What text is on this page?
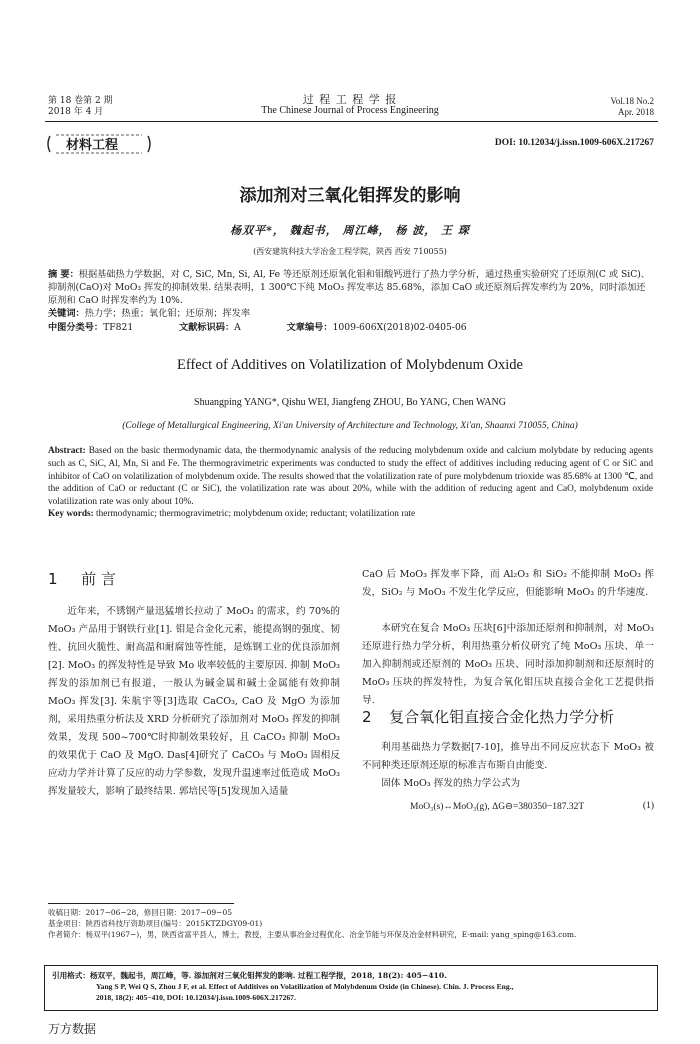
第 18 卷第 2 期
2018 年 4 月
过 程 工 程 学 报
The Chinese Journal of Process Engineering
Vol.18 No.2
Apr. 2018
材料工程	DOI: 10.12034/j.issn.1009-606X.217267
添加剂对三氧化钼挥发的影响
杨双平*， 魏起书， 周江峰， 杨 波， 王 琛
(西安建筑科技大学冶金工程学院，陕西 西安 710055)
摘 要：根据基础热力学数据，对 C, SiC, Mn, Si, Al, Fe 等还原剂还原氧化钼和钼酸钙进行了热力学分析，通过热重实验研究了还原剂(C 或 SiC)、抑制剂(CaO)对 MoO₃ 挥发的抑制效果. 结果表明，1 300℃下纯 MoO₃ 挥发率达 85.68%，添加 CaO 或还原剂后挥发率约为 20%，同时添加还原剂和 CaO 时挥发率约为 10%.
关键词：热力学；热重；氧化钼；还原剂；挥发率
中图分类号：TF821	文献标识码：A	文章编号：1009-606X(2018)02-0405-06
Effect of Additives on Volatilization of Molybdenum Oxide
Shuangping YANG*, Qishu WEI, Jiangfeng ZHOU, Bo YANG, Chen WANG
(College of Metallurgical Engineering, Xi'an University of Architecture and Technology, Xi'an, Shaanxi 710055, China)
Abstract: Based on the basic thermodynamic data, the thermodynamic analysis of the reducing molybdenum oxide and calcium molybdate by reducing agents such as C, SiC, Al, Mn, Si and Fe. The thermogravimetric experiments was conducted to study the effect of additives including reducing agent of C or SiC and inhibitor of CaO on volatilization of molybdenum oxide. The results showed that the volatilization rate of pure molybdenum trioxide was 85.68% at 1300 ℃, and the addition of CaO or reductant (C or SiC), the volatilization rate was about 20%, while with the addition of reducing agent and CaO, molybdenum oxide volatilization rate was only about 10%.
Key words: thermodynamic; thermogravimetric; molybdenum oxide; reductant; volatilization rate
1 前 言
近年来，不锈钢产量迅猛增长拉动了 MoO₃ 的需求，约 70%的 MoO₃ 产品用于钢铁行业[1]. 钼是合金化元素，能提高钢的强度、韧性、抗回火脆性、耐高温和耐腐蚀等性能，是炼钢工业的优良添加剂[2]. MoO₃ 的挥发特性是导致 Mo 收率较低的主要原因. 抑制 MoO₃ 挥发的添加剂已有报道，一般认为碱金属和碱土金属能有效抑制 MoO₃ 挥发[3]. 朱航宇等[3]选取 CaCO₃, CaO 及 MgO 为添加剂，采用热重分析法及 XRD 分析研究了添加剂对 MoO₃ 挥发的抑制效果，发现 500~700℃时抑制效果较好，且 CaCO₃ 抑制 MoO₃ 的效果优于 CaO 及 MgO. Das[4]研究了 CaCO₃ 与 MoO₃ 固相反应动力学并计算了反应的动力学参数，发现升温速率过低造成 MoO₃ 挥发量较大，影响了最终结果. 郭培民等[5]发现加入适量
CaO 后 MoO₃ 挥发率下降，而 Al₂O₃ 和 SiO₂ 不能抑制 MoO₃ 挥发，SiO₂ 与 MoO₃ 不发生化学反应，但能影响 MoO₃ 的升华速度.
本研究在复合 MoO₃ 压块[6]中添加还原剂和抑制剂，对 MoO₃ 还原进行热力学分析，利用热重分析仪研究了纯 MoO₃ 压块、单一加入抑制剂或还原剂的 MoO₃ 压块、同时添加抑制剂和还原剂时的 MoO₃ 压块的挥发特性，为复合氧化钼压块直接合金化工艺提供指导.
2 复合氧化钼直接合金化热力学分析
利用基础热力学数据[7-10]，推导出不同反应状态下 MoO₃ 被不同种类还原剂还原的标准吉布斯自由能变.
固体 MoO₃ 挥发的热力学公式为
MoO₃(s)↔MoO₃(g), ΔG⊖=380350−187.32T	(1)
收稿日期：2017−06−28，修回日期：2017−09−05
基金项目：陕西省科技厅资助项目(编号：2015KTZDGY09-01)
作者简介：杨双平(1967−)，男，陕西省富平县人，博士，教授，主要从事冶金过程优化、冶金节能与环保及冶金材料研究，E-mail: yang_sping@163.com.
引用格式：杨双平，魏起书，周江峰，等. 添加剂对三氧化钼挥发的影响. 过程工程学报，2018, 18(2): 405−410.
Yang S P, Wei Q S, Zhou J F, et al. Effect of Additives on Volatilization of Molybdenum Oxide (in Chinese). Chin. J. Process Eng.,
2018, 18(2): 405−410, DOI: 10.12034/j.issn.1009-606X.217267.
万方数据
